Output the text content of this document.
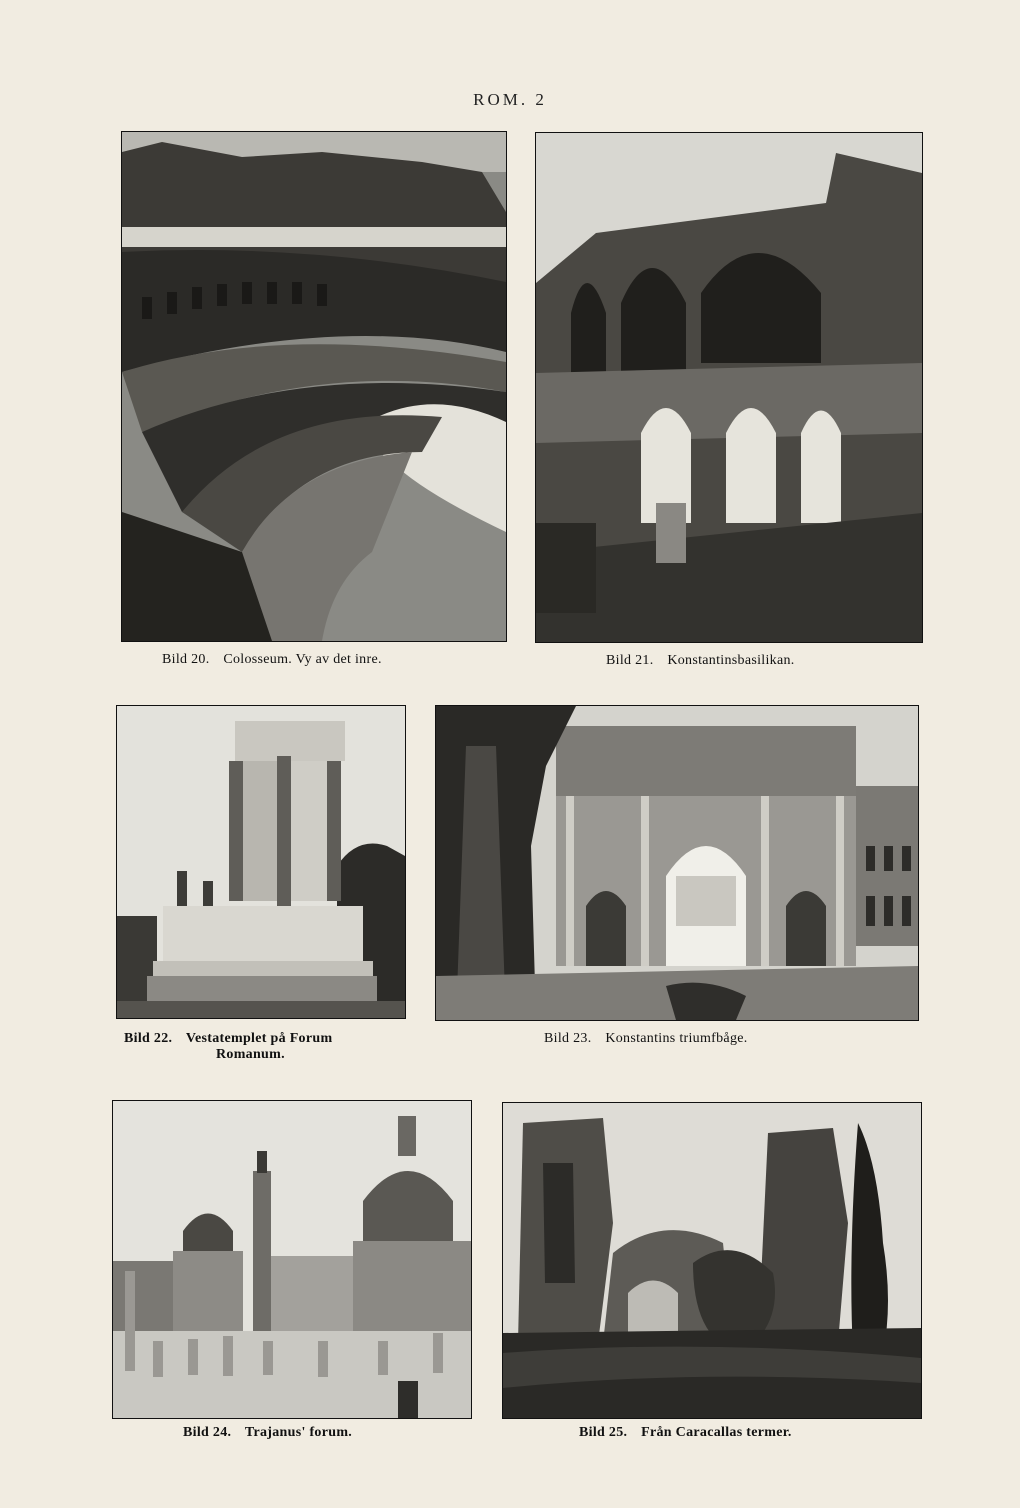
ROM. 2
Bild 20. Colosseum. Vy av det inre.	Bild 21. Konstantinsbasilikan.
Bild 22. Vestatemplet på Forum
Romanum.
Bild 23. Konstantins triumfbåge.
Bild 24. Trajanus' forum.	Bild 25. Från Caracallas termer.
